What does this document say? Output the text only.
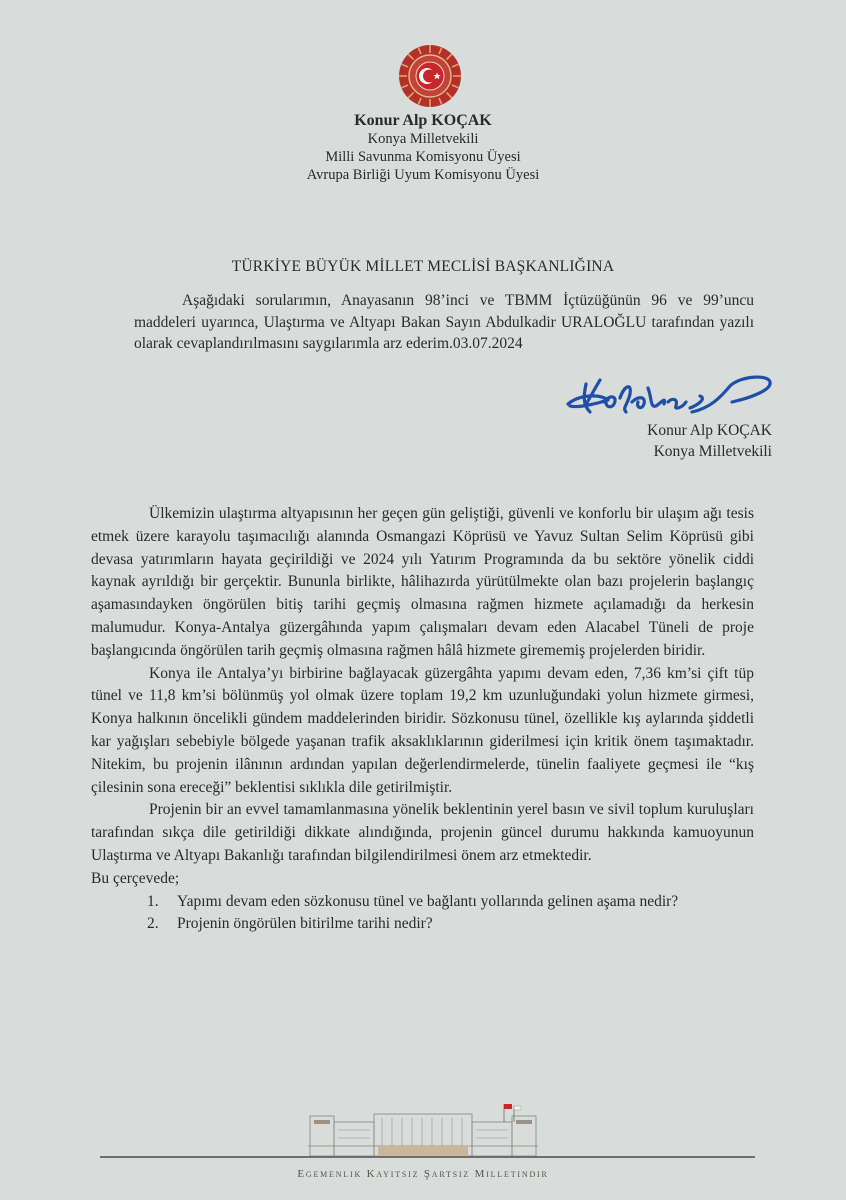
Konur Alp KOÇAK
Konya Milletvekili
Milli Savunma Komisyonu Üyesi
Avrupa Birliği Uyum Komisyonu Üyesi
TÜRKİYE BÜYÜK MİLLET MECLİSİ BAŞKANLIĞINA

Aşağıdaki sorularımın, Anayasanın 98’inci ve TBMM İçtüzüğünün 96 ve 99’uncu maddeleri uyarınca, Ulaştırma ve Altyapı Bakan Sayın Abdulkadir URALOĞLU tarafından yazılı olarak cevaplandırılmasını saygılarımla arz ederim.03.07.2024

Konur Alp KOÇAK
Konya Milletvekili

Ülkemizin ulaştırma altyapısının her geçen gün geliştiği, güvenli ve konforlu bir ulaşım ağı tesis etmek üzere karayolu taşımacılığı alanında Osmangazi Köprüsü ve Yavuz Sultan Selim Köprüsü gibi devasa yatırımların hayata geçirildiği ve 2024 yılı Yatırım Programında da bu sektöre yönelik ciddi kaynak ayrıldığı bir gerçektir. Bununla birlikte, hâlihazırda yürütülmekte olan bazı projelerin başlangıç aşamasındayken öngörülen bitiş tarihi geçmiş olmasına rağmen hizmete açılamadığı da herkesin malumudur. Konya-Antalya güzergâhında yapım çalışmaları devam eden Alacabel Tüneli de proje başlangıcında öngörülen tarih geçmiş olmasına rağmen hâlâ hizmete girememiş projelerden biridir.

Konya ile Antalya’yı birbirine bağlayacak güzergâhta yapımı devam eden, 7,36 km’si çift tüp tünel ve 11,8 km’si bölünmüş yol olmak üzere toplam 19,2 km uzunluğundaki yolun hizmete girmesi, Konya halkının öncelikli gündem maddelerinden biridir. Sözkonusu tünel, özellikle kış aylarında şiddetli kar yağışları sebebiyle bölgede yaşanan trafik aksaklıklarının giderilmesi için kritik önem taşımaktadır. Nitekim, bu projenin ilânının ardından yapılan değerlendirmelerde, tünelin faaliyete geçmesi ile “kış çilesinin sona ereceği” beklentisi sıklıkla dile getirilmiştir.

Projenin bir an evvel tamamlanmasına yönelik beklentinin yerel basın ve sivil toplum kuruluşları tarafından sıkça dile getirildiği dikkate alındığında, projenin güncel durumu hakkında kamuoyunun Ulaştırma ve Altyapı Bakanlığı tarafından bilgilendirilmesi önem arz etmektedir.

Bu çerçevede;

1.	Yapımı devam eden sözkonusu tünel ve bağlantı yollarında gelinen aşama nedir?
2.	Projenin öngörülen bitirilme tarihi nedir?
Egemenlik Kayıtsız Şartsız Milletindir
